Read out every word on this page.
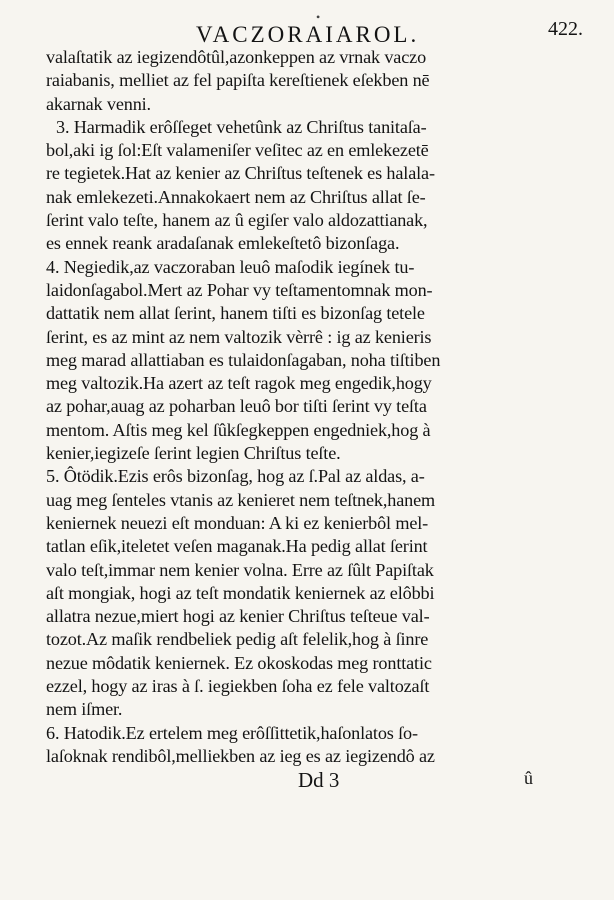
•
VACZORAIAROL.	422.
valaſtatik az iegizendôtûl,azonkeppen az vrnak vaczo
raiabanis, melliet az fel papiſta kereſtienek eſekben nē
akarnak venni.
3. Harmadik erôſſeget vehetûnk az Chriſtus tanitaſa-
bol,aki ig ſol:Eſt valameniſer veſitec az en emlekezetē
re tegietek.Hat az kenier az Chriſtus teſtenek es halala-
nak emlekezeti.Annakokaert nem az Chriſtus allat ſe-
ſerint valo teſte, hanem az û egiſer valo aldozattianak,
es ennek reank aradaſanak emlekeſtetô bizonſaga.
4. Negiedik,az vaczoraban leuô maſodik iegínek tu-
laidonſagabol.Mert az Pohar vy teſtamentomnak mon-
dattatik nem allat ſerint, hanem tiſti es bizonſag tetele
ſerint, es az mint az nem valtozik vèrrê : ig az kenieris
meg marad allattiaban es tulaidonſagaban, noha tiſtiben
meg valtozik.Ha azert az teſt ragok meg engedik,hogy
az pohar,auag az poharban leuô bor tiſti ſerint vy teſta
mentom. Aſtis meg kel ſûkſegkeppen engedniek,hog à
kenier,iegizeſe ſerint legien Chriſtus teſte.
5. Ôtödik.Ezis erôs bizonſag, hog az ſ.Pal az aldas, a-
uag meg ſenteles vtanis az kenieret nem teſtnek,hanem
keniernek neuezi eſt monduan: A ki ez kenierbôl mel-
tatlan eſik,iteletet veſen maganak.Ha pedig allat ſerint
valo teſt,immar nem kenier volna. Erre az ſûlt Papiſtak
aſt mongiak, hogi az teſt mondatik keniernek az elôbbi
allatra nezue,miert hogi az kenier Chriſtus teſteue val-
tozot.Az maſik rendbeliek pedig aſt felelik,hog à ſinre
nezue môdatik keniernek. Ez okoskodas meg ronttatic
ezzel, hogy az iras à ſ. iegiekben ſoha ez fele valtozaſt
nem iſmer.
6. Hatodik.Ez ertelem meg erôſſittetik,haſonlatos ſo-
laſoknak rendibôl,melliekben az ieg es az iegizendô az
Dd 3	û
